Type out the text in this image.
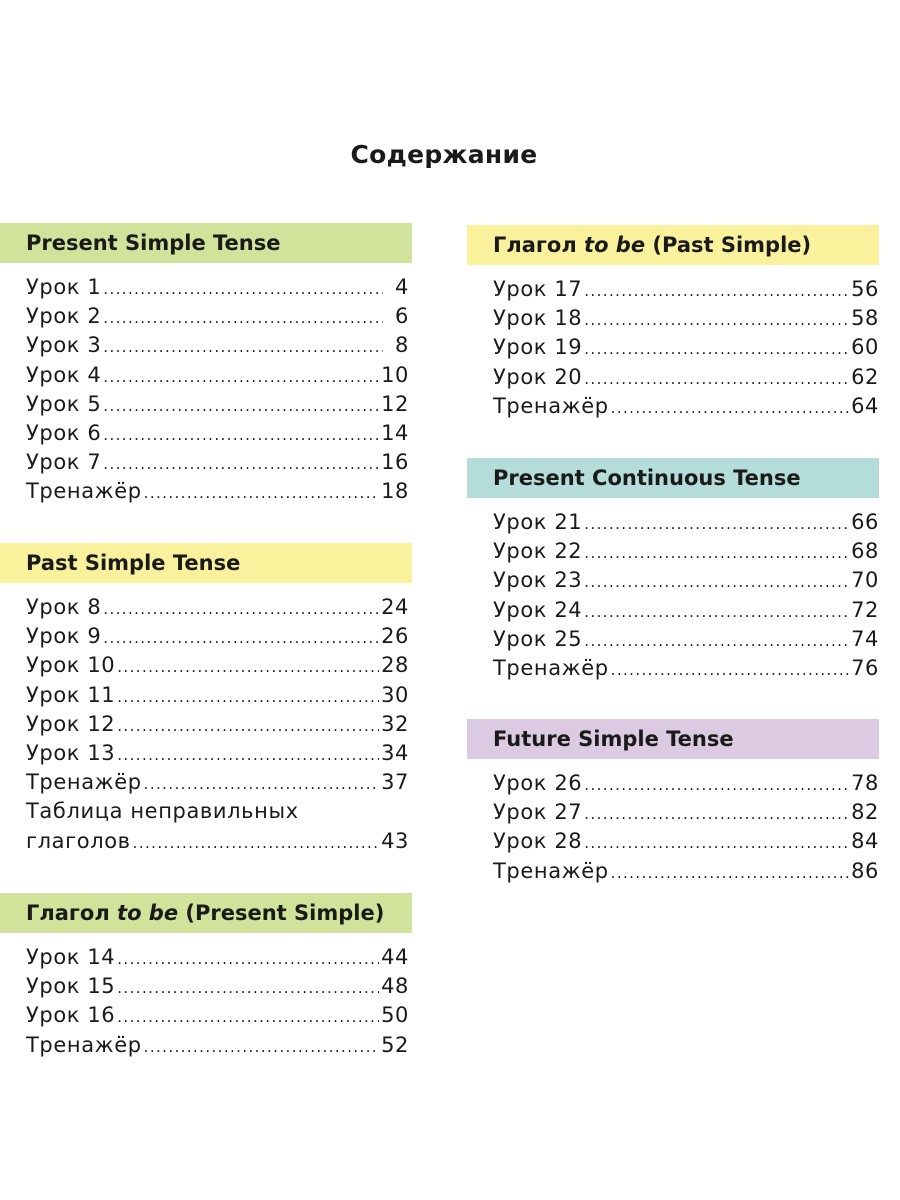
Содержание
Present Simple Tense
Урок 1 .....	4
Урок 2 .....	6
Урок 3 .....	8
Урок 4 .....	10
Урок 5 .....	12
Урок 6 .....	14
Урок 7 .....	16
Тренажёр .....	18
Past Simple Tense
Урок 8 .....	24
Урок 9 .....	26
Урок 10 .....	28
Урок 11 .....	30
Урок 12 .....	32
Урок 13 .....	34
Тренажёр .....	37
Таблица неправильных
глаголов .....	43
Глагол to be (Present Simple)
Урок 14 .....	44
Урок 15 .....	48
Урок 16 .....	50
Тренажёр .....	52
Глагол to be (Past Simple)
Урок 17 .....	56
Урок 18 .....	58
Урок 19 .....	60
Урок 20 .....	62
Тренажёр .....	64
Present Continuous Tense
Урок 21 .....	66
Урок 22 .....	68
Урок 23 .....	70
Урок 24 .....	72
Урок 25 .....	74
Тренажёр .....	76
Future Simple Tense
Урок 26 .....	78
Урок 27 .....	82
Урок 28 .....	84
Тренажёр .....	86
